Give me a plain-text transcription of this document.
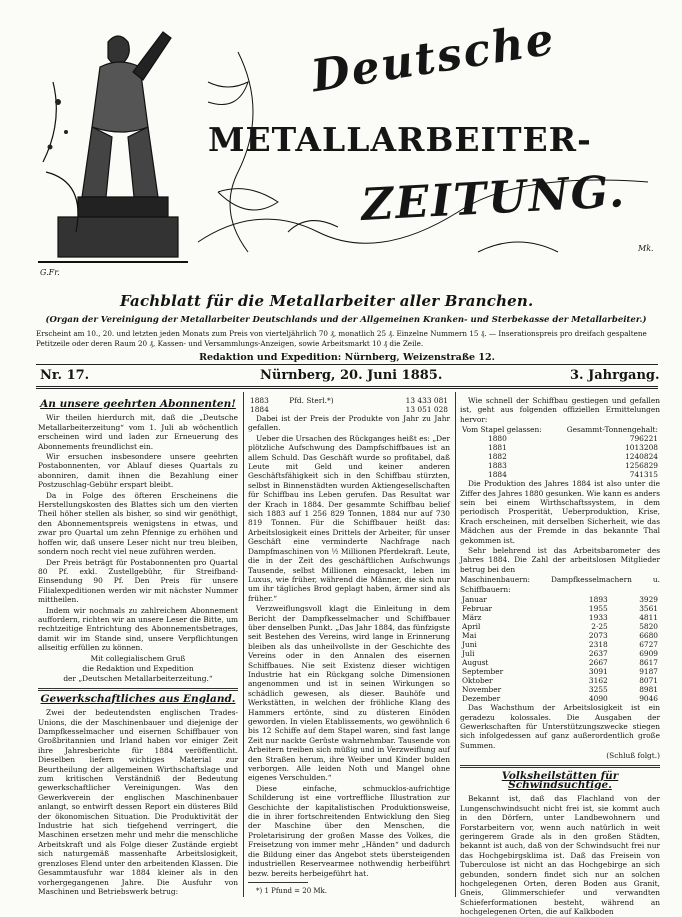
Deutsche
METALLARBEITER-
ZEITUNG.
G.Fr.
Mk.
Fachblatt für die Metallarbeiter aller Branchen.
(Organ der Vereinigung der Metallarbeiter Deutschlands und der Allgemeinen Kranken- und Sterbekasse der Metallarbeiter.)
Erscheint am 10., 20. und letzten jeden Monats zum Preis von vierteljährlich 70 ₰, monatlich 25 ₰. Einzelne Nummern 15 ₰. — Inserationspreis pro dreifach gespaltene Petitzeile oder deren Raum 20 ₰, Kassen- und Versammlungs-Anzeigen, sowie Arbeitsmarkt 10 ₰ die Zeile.
Redaktion und Expedition: Nürnberg, Weizenstraße 12.
Nr. 17.	Nürnberg, 20. Juni 1885.	3. Jahrgang.
An unsere geehrten Abonnenten!

Wir theilen hierdurch mit, daß die „Deutsche Metallarbeiterzeitung“ vom 1. Juli ab wöchentlich erscheinen wird und laden zur Erneuerung des Abonnements freundlichst ein.

Wir ersuchen insbesondere unsere geehrten Postabonnenten, vor Ablauf dieses Quartals zu abonniren, damit ihnen die Bezahlung einer Postzuschlag-Gebühr erspart bleibt.

Da in Folge des öfteren Erscheinens die Herstellungskosten des Blattes sich um den vierten Theil höher stellen als bisher, so sind wir genöthigt, den Abonnementspreis wenigstens in etwas, und zwar pro Quartal um zehn Pfennige zu erhöhen und hoffen wir, daß unsere Leser nicht nur treu bleiben, sondern noch recht viel neue zuführen werden.

Der Preis beträgt für Postabonnenten pro Quartal 80 Pf. exkl. Zustellgebühr, für Streifband-Einsendung 90 Pf. Den Preis für unsere Filialexpeditionen werden wir mit nächster Nummer mittheilen.

Indem wir nochmals zu zahlreichem Abonnement auffordern, richten wir an unsere Leser die Bitte, um rechtzeitige Entrichtung des Abonnementsbetrages, damit wir im Stande sind, unsere Verpflichtungen allseitig erfüllen zu können.

Mit collegialischem Gruß

die Redaktion und Expedition

der „Deutschen Metallarbeiterzeitung.“

Gewerkschaftliches aus England.

Zwei der bedeutendsten englischen Trades-Unions, die der Maschinenbauer und diejenige der Dampfkesselmacher und eisernen Schiffbauer von Großbritannien und Irland haben vor einiger Zeit ihre Jahresberichte für 1884 veröffentlicht. Dieselben liefern wichtiges Material zur Beurtheilung der allgemeinen Wirthschaftslage und zum kritischen Verständniß der Bedeutung gewerkschaftlicher Vereinigungen. Was den Gewerkverein der englischen Maschinenbauer anlangt, so entwirft dessen Report ein düsteres Bild der ökonomischen Situation. Die Produktivität der Industrie hat sich tiefgehend verringert, die Maschinen ersetzen mehr und mehr die menschliche Arbeitskraft und als Folge dieser Zustände ergiebt sich naturgemäß massenhafte Arbeitslosigkeit, grenzloses Elend unter den arbeitenden Klassen. Die Gesammtausfuhr war 1884 kleiner als in den vorhergegangenen Jahre. Die Ausfuhr von Maschinen und Betriebswerk betrug:

1883	Pfd. Sterl.*)	13 433 081
1884		13 051 028

Dabei ist der Preis der Produkte von Jahr zu Jahr gefallen.

Ueber die Ursachen des Rückganges heißt es: „Der plötzliche Aufschwung des Dampfschiffbaues ist an allem Schuld. Das Geschäft wurde so profitabel, daß Leute mit Geld und keiner anderen Geschäftsfähigkeit sich in den Schiffbau stürzten, selbst in Binnenstädten wurden Aktiengesellschaften für Schiffbau ins Leben gerufen. Das Resultat war der Krach in 1884. Der gesammte Schiffbau belief sich 1883 auf 1 256 829 Tonnen, 1884 nur auf 730 819 Tonnen. Für die Schiffbauer heißt das: Arbeitslosigkeit eines Drittels der Arbeiter, für unser Geschäft eine verminderte Nachfrage nach Dampfmaschinen von ½ Millionen Pferdekraft. Leute, die in der Zeit des geschäftlichen Aufschwungs Tausende, selbst Millionen eingesackt, leben im Luxus, wie früher, während die Männer, die sich nur um ihr tägliches Brod geplagt haben, ärmer sind als früher.“

Verzweiflungsvoll klagt die Einleitung in dem Bericht der Dampfkesselmacher und Schiffbauer über denselben Punkt. „Das Jahr 1884, das fünfzigste seit Bestehen des Vereins, wird lange in Erinnerung bleiben als das unheilvollste in der Geschichte des Vereins oder in den Annalen des eisernen Schiffbaues. Nie seit Existenz dieser wichtigen Industrie hat ein Rückgang solche Dimensionen angenommen und ist in seinen Wirkungen so schädlich gewesen, als dieser. Bauhöfe und Werkstätten, in welchen der fröhliche Klang des Hammers ertönte, sind zu düsteren Einöden geworden. In vielen Etablissements, wo gewöhnlich 6 bis 12 Schiffe auf dem Stapel waren, sind fast lange Zeit nur nackte Gerüste wahrnehmbar. Tausende von Arbeitern treiben sich müßig und in Verzweiflung auf den Straßen herum, ihre Weiber und Kinder bulden verborgen. Alle leiden Noth und Mangel ohne eigenes Verschulden.“

Diese einfache, schmucklos-aufrichtige Schilderung ist eine vortreffliche Illustration zur Geschichte der kapitalistischen Produktionsweise, die in ihrer fortschreitenden Entwicklung den Sieg der Maschine über den Menschen, die Proletarisirung der großen Masse des Volkes, die Freisetzung von immer mehr „Händen“ und dadurch die Bildung einer das Angebot stets übersteigenden industriellen Reservearmee nothwendig herbeiführt bezw. bereits herbeigeführt hat.

*) 1 Pfund = 20 Mk.

Wie schnell der Schiffbau gestiegen und gefallen ist, geht aus folgenden offiziellen Ermittelungen hervor:

Vom Stapel gelassen:	Gesammt-Tonnengehalt:
1880	796221
1881	1013208
1882	1240824
1883	1256829
1884	741315

Die Produktion des Jahres 1884 ist also unter die Ziffer des Jahres 1880 gesunken. Wie kann es anders sein bei einem Wirthschaftssystem, in dem periodisch Prosperität, Ueberproduktion, Krise, Krach erscheinen, mit derselben Sicherheit, wie das Mädchen aus der Fremde in das bekannte Thal gekommen ist.

Sehr belehrend ist das Arbeitsbarometer des Jahres 1884. Die Zahl der arbeitslosen Mitglieder betrug bei den

Maschinenbauern: Dampfkesselmachern u. Schiffbauern:

Januar	1893	3929
Februar	1955	3561
März	1933	4811
April	2·25	5820
Mai	2073	6680
Juni	2318	6727
Juli	2637	6909
August	2667	8617
September	3091	9187
Oktober	3162	8071
November	3255	8981
Dezember	4090	9046

Das Wachsthum der Arbeitslosigkeit ist ein geradezu kolossales. Die Ausgaben der Gewerkschaften für Unterstützungszwecke stiegen sich infolgedessen auf ganz außerordentlich große Summen.

(Schluß folgt.)

Volksheilstätten für Schwindsüchtige.

Bekannt ist, daß das Flachland von der Lungenschwindsucht nicht frei ist, sie kommt auch in den Dörfern, unter Landbewohnern und Forstarbeitern vor, wenn auch natürlich in weit geringerem Grade als in den großen Städten, bekannt ist auch, daß von der Schwindsucht frei nur das Hochgebirgsklima ist. Daß das Freisein von Tuberculose ist nicht an das Hochgebirge an sich gebunden, sondern findet sich nur an solchen hochgelegenen Orten, deren Boden aus Granit, Gneis, Glimmerschiefer und verwandten Schieferformationen besteht, während an hochgelegenen Orten, die auf Kalkboden
